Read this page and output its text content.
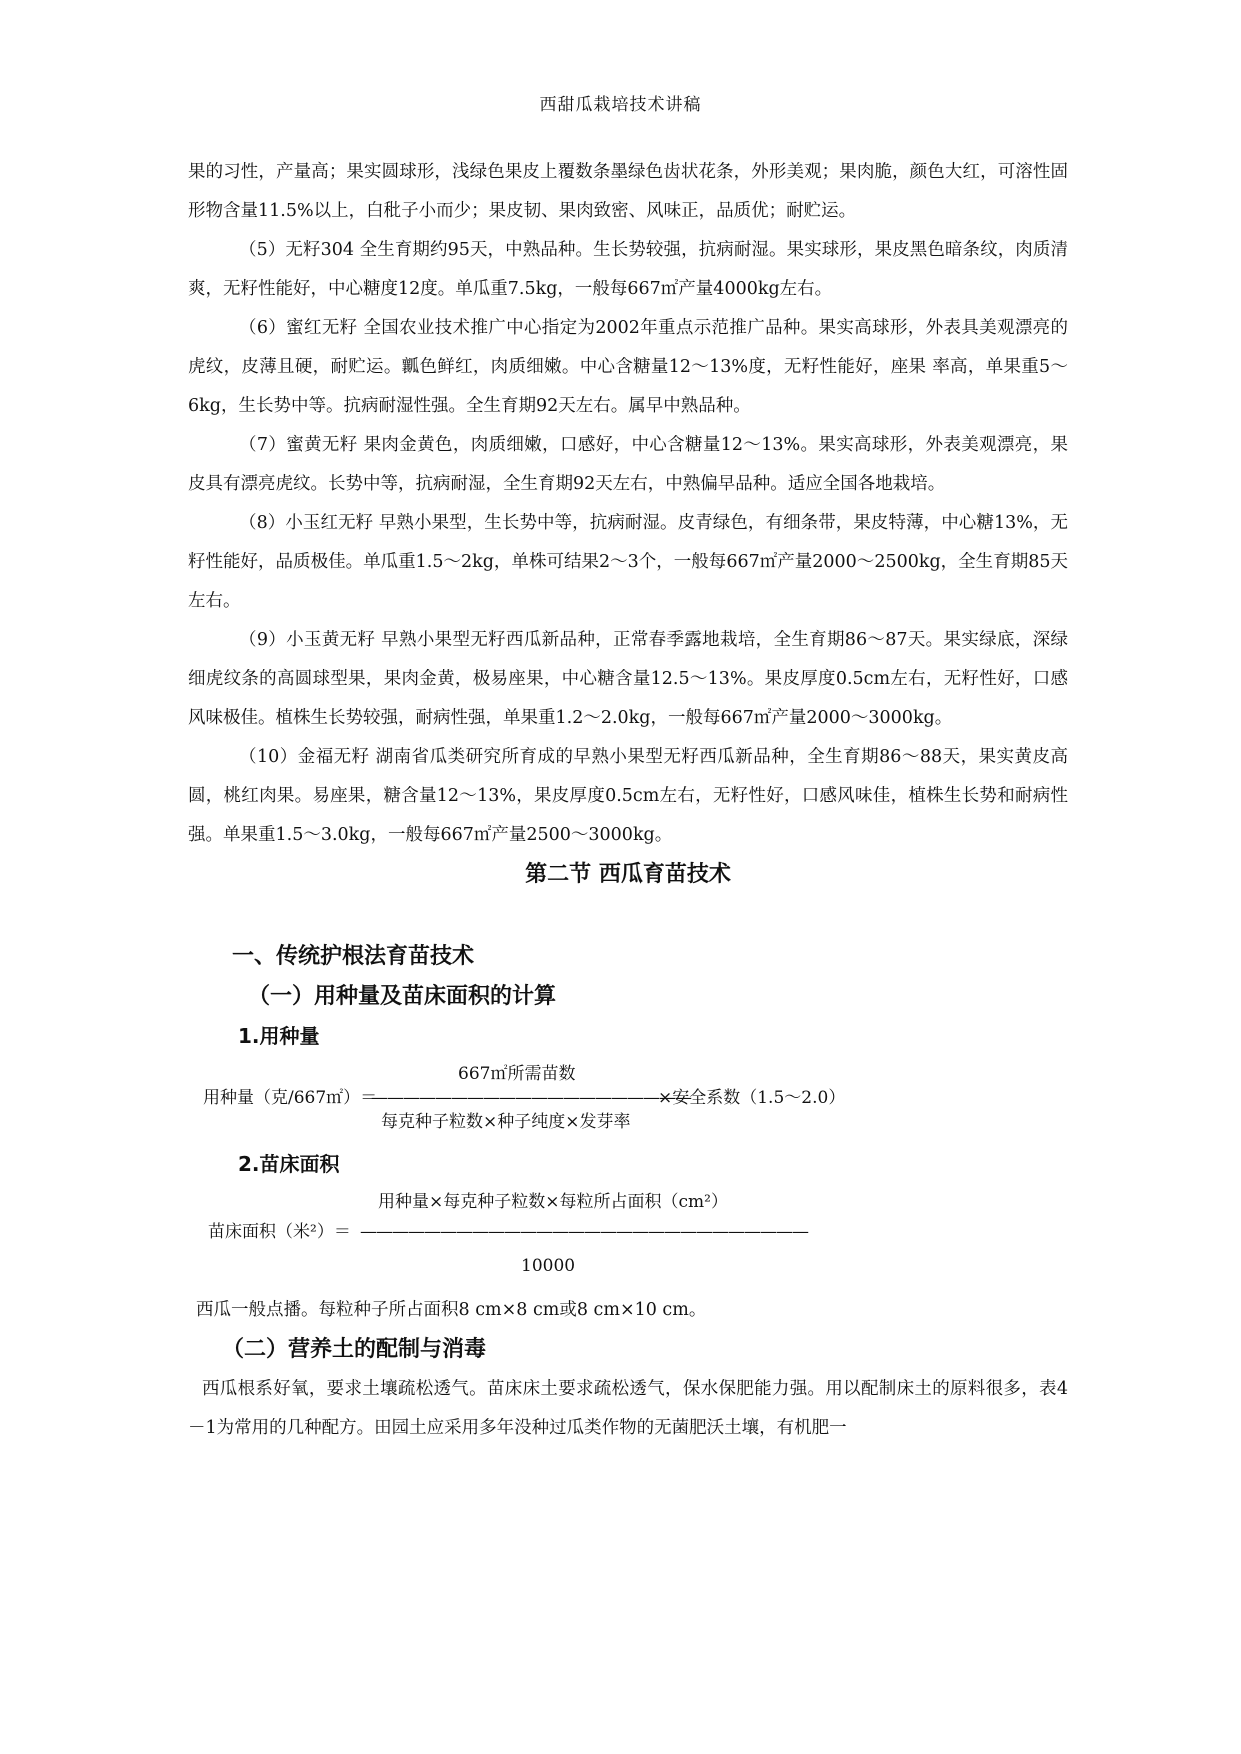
西甜瓜栽培技术讲稿

果的习性，产量高；果实圆球形，浅绿色果皮上覆数条墨绿色齿状花条，外形美观；果肉脆，颜色大红，可溶性固形物含量11.5%以上，白秕子小而少；果皮韧、果肉致密、风味正，品质优；耐贮运。

（5）无籽304 全生育期约95天，中熟品种。生长势较强，抗病耐湿。果实球形，果皮黑色暗条纹，肉质清爽，无籽性能好，中心糖度12度。单瓜重7.5kg，一般每667㎡产量4000kg左右。

（6）蜜红无籽 全国农业技术推广中心指定为2002年重点示范推广品种。果实高球形，外表具美观漂亮的虎纹，皮薄且硬，耐贮运。瓤色鲜红，肉质细嫩。中心含糖量12～13%度，无籽性能好，座果 率高，单果重5～6kg，生长势中等。抗病耐湿性强。全生育期92天左右。属早中熟品种。

（7）蜜黄无籽 果肉金黄色，肉质细嫩，口感好，中心含糖量12～13%。果实高球形，外表美观漂亮，果皮具有漂亮虎纹。长势中等，抗病耐湿，全生育期92天左右，中熟偏早品种。适应全国各地栽培。

（8）小玉红无籽 早熟小果型，生长势中等，抗病耐湿。皮青绿色，有细条带，果皮特薄，中心糖13%，无籽性能好，品质极佳。单瓜重1.5～2kg，单株可结果2～3个，一般每667㎡产量2000～2500kg，全生育期85天左右。

（9）小玉黄无籽 早熟小果型无籽西瓜新品种，正常春季露地栽培，全生育期86～87天。果实绿底，深绿细虎纹条的高圆球型果，果肉金黄，极易座果，中心糖含量12.5～13%。果皮厚度0.5cm左右，无籽性好，口感风味极佳。植株生长势较强，耐病性强，单果重1.2～2.0kg，一般每667㎡产量2000～3000kg。

（10）金福无籽 湖南省瓜类研究所育成的早熟小果型无籽西瓜新品种，全生育期86～88天，果实黄皮高圆，桃红肉果。易座果，糖含量12～13%，果皮厚度0.5cm左右，无籽性好，口感风味佳，植株生长势和耐病性强。单果重1.5～3.0kg，一般每667㎡产量2500～3000kg。

第二节 西瓜育苗技术
一、传统护根法育苗技术
（一）用种量及苗床面积的计算
1.用种量
667㎡所需苗数
用种量（克/667㎡）＝
————————————————————
×安全系数（1.5～2.0）
每克种子粒数×种子纯度×发芽率
2.苗床面积
用种量×每克种子粒数×每粒所占面积（cm²）
苗床面积（米²）＝ ————————————————————————————
10000

西瓜一般点播。每粒种子所占面积8 cm×8 cm或8 cm×10 cm。

（二）营养土的配制与消毒

西瓜根系好氧，要求土壤疏松透气。苗床床土要求疏松透气，保水保肥能力强。用以配制床土的原料很多，表4－1为常用的几种配方。田园土应采用多年没种过瓜类作物的无菌肥沃土壤，有机肥一
